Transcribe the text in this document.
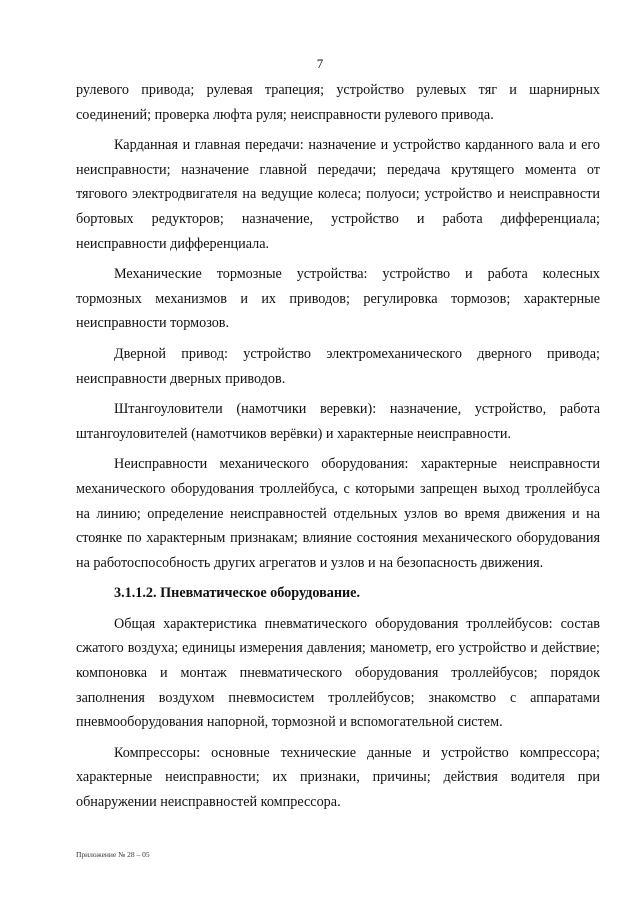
7

рулевого привода; рулевая трапеция; устройство рулевых тяг и шарнирных соединений; проверка люфта руля; неисправности рулевого привода.

Карданная и главная передачи: назначение и устройство карданного вала и его неисправности; назначение главной передачи; передача крутящего момента от тягового электродвигателя на ведущие колеса; полуоси; устройство и неисправности бортовых редукторов; назначение, устройство и работа дифференциала; неисправности дифференциала.

Механические тормозные устройства: устройство и работа колесных тормозных механизмов и их приводов; регулировка тормозов; характерные неисправности тормозов.

Дверной привод: устройство электромеханического дверного привода; неисправности дверных приводов.

Штангоуловители (намотчики веревки): назначение, устройство, работа штангоуловителей (намотчиков верёвки) и характерные неисправности.

Неисправности механического оборудования: характерные неисправности механического оборудования троллейбуса, с которыми запрещен выход троллейбуса на линию; определение неисправностей отдельных узлов во время движения и на стоянке по характерным признакам; влияние состояния механического оборудования на работоспособность других агрегатов и узлов и на безопасность движения.

3.1.1.2. Пневматическое оборудование.

Общая характеристика пневматического оборудования троллейбусов: состав сжатого воздуха; единицы измерения давления; манометр, его устройство и действие; компоновка и монтаж пневматического оборудования троллейбусов; порядок заполнения воздухом пневмосистем троллейбусов; знакомство с аппаратами пневмооборудования напорной, тормозной и вспомогательной систем.

Компрессоры: основные технические данные и устройство компрессора; характерные неисправности; их признаки, причины; действия водителя при обнаружении неисправностей компрессора.

Приложение № 28 – 05
